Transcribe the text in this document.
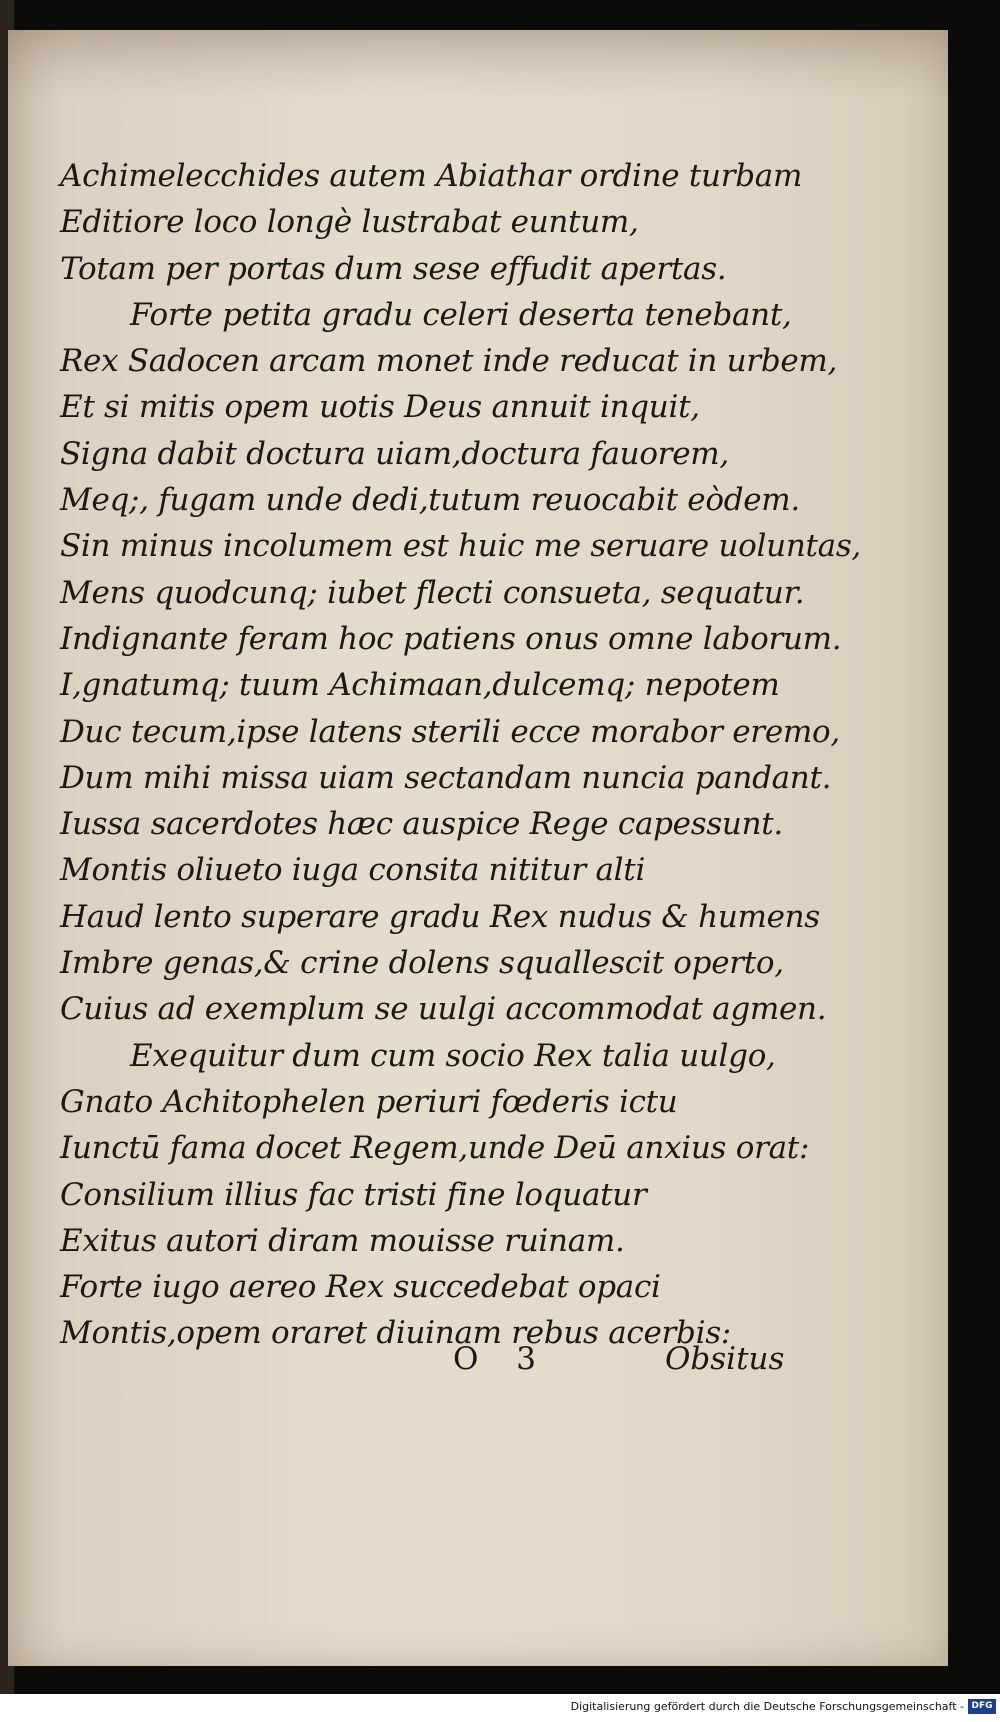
Achimelecchides autem Abiathar ordine turbam
Editiore loco longè lustrabat euntum,
Totam per portas dum sese effudit apertas.
Forte petita gradu celeri deserta tenebant,
Rex Sadocen arcam monet inde reducat in urbem,
Et si mitis opem uotis Deus annuit inquit,
Signa dabit doctura uiam,doctura fauorem,
Meq;, fugam unde dedi,tutum reuocabit eòdem.
Sin minus incolumem est huic me seruare uoluntas,
Mens quodcunq; iubet flecti consueta, sequatur.
Indignante feram hoc patiens onus omne laborum.
I,gnatumq; tuum Achimaan,dulcemq; nepotem
Duc tecum,ipse latens sterili ecce morabor eremo,
Dum mihi missa uiam sectandam nuncia pandant.
Iussa sacerdotes hæc auspice Rege capessunt.
Montis oliueto iuga consita nititur alti
Haud lento superare gradu Rex nudus & humens
Imbre genas,& crine dolens squallescit operto,
Cuius ad exemplum se uulgi accommodat agmen.
Exequitur dum cum socio Rex talia uulgo,
Gnato Achitophelen periuri fœderis ictu
Iunctū fama docet Regem,unde Deū anxius orat:
Consilium illius fac tristi fine loquatur
Exitus autori diram mouisse ruinam.
Forte iugo aereo Rex succedebat opaci
Montis,opem oraret diuinam rebus acerbis:
O 3	Obsitus
Digitalisierung gefördert durch die Deutsche Forschungsgemeinschaft - DFG
